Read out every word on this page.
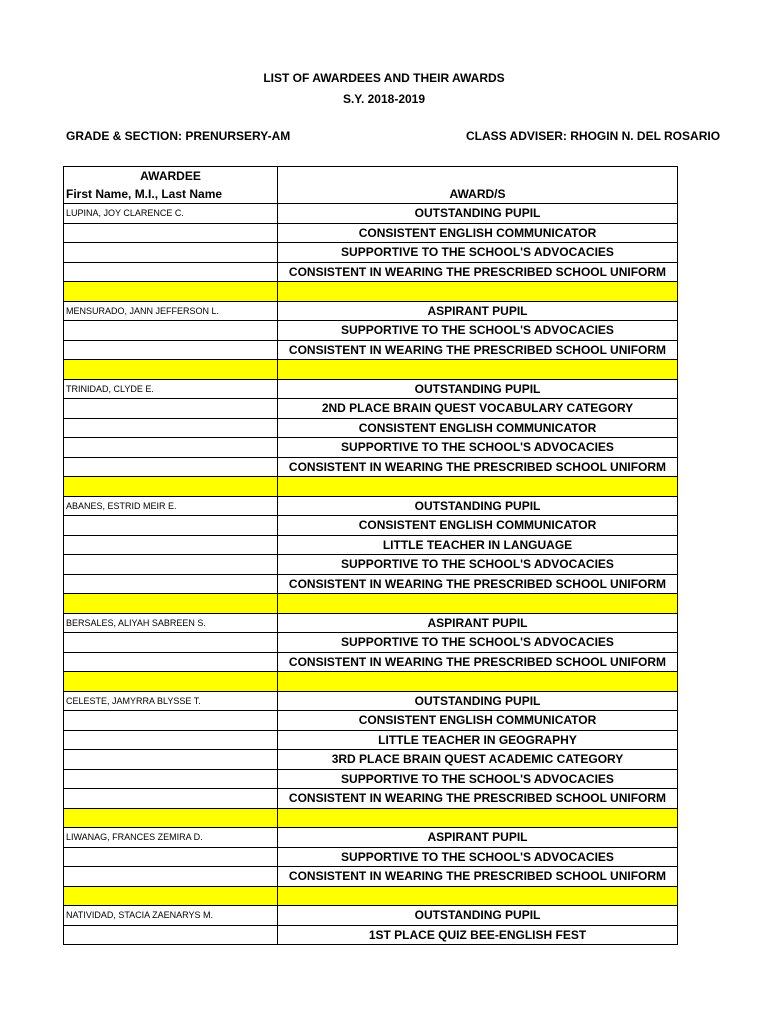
LIST OF AWARDEES AND THEIR AWARDS
S.Y. 2018-2019
GRADE & SECTION: PRENURSERY-AM	CLASS ADVISER: RHOGIN N. DEL ROSARIO
AWARDEE
First Name, M.I., Last Name	AWARD/S
LUPINA, JOY CLARENCE C.	OUTSTANDING PUPIL
	CONSISTENT ENGLISH COMMUNICATOR
	SUPPORTIVE TO THE SCHOOL'S ADVOCACIES
	CONSISTENT IN WEARING THE PRESCRIBED SCHOOL UNIFORM

MENSURADO, JANN JEFFERSON L.	ASPIRANT PUPIL
	SUPPORTIVE TO THE SCHOOL'S ADVOCACIES
	CONSISTENT IN WEARING THE PRESCRIBED SCHOOL UNIFORM

TRINIDAD, CLYDE E.	OUTSTANDING PUPIL
	2ND PLACE BRAIN QUEST VOCABULARY CATEGORY
	CONSISTENT ENGLISH COMMUNICATOR
	SUPPORTIVE TO THE SCHOOL'S ADVOCACIES
	CONSISTENT IN WEARING THE PRESCRIBED SCHOOL UNIFORM

ABANES, ESTRID MEIR E.	OUTSTANDING PUPIL
	CONSISTENT ENGLISH COMMUNICATOR
	LITTLE TEACHER IN LANGUAGE
	SUPPORTIVE TO THE SCHOOL'S ADVOCACIES
	CONSISTENT IN WEARING THE PRESCRIBED SCHOOL UNIFORM

BERSALES, ALIYAH SABREEN S.	ASPIRANT PUPIL
	SUPPORTIVE TO THE SCHOOL'S ADVOCACIES
	CONSISTENT IN WEARING THE PRESCRIBED SCHOOL UNIFORM

CELESTE, JAMYRRA BLYSSE T.	OUTSTANDING PUPIL
	CONSISTENT ENGLISH COMMUNICATOR
	LITTLE TEACHER IN GEOGRAPHY
	3RD PLACE BRAIN QUEST ACADEMIC CATEGORY
	SUPPORTIVE TO THE SCHOOL'S ADVOCACIES
	CONSISTENT IN WEARING THE PRESCRIBED SCHOOL UNIFORM

LIWANAG, FRANCES ZEMIRA D.	ASPIRANT PUPIL
	SUPPORTIVE TO THE SCHOOL'S ADVOCACIES
	CONSISTENT IN WEARING THE PRESCRIBED SCHOOL UNIFORM

NATIVIDAD, STACIA ZAENARYS M.	OUTSTANDING PUPIL
	1ST PLACE QUIZ BEE-ENGLISH FEST
